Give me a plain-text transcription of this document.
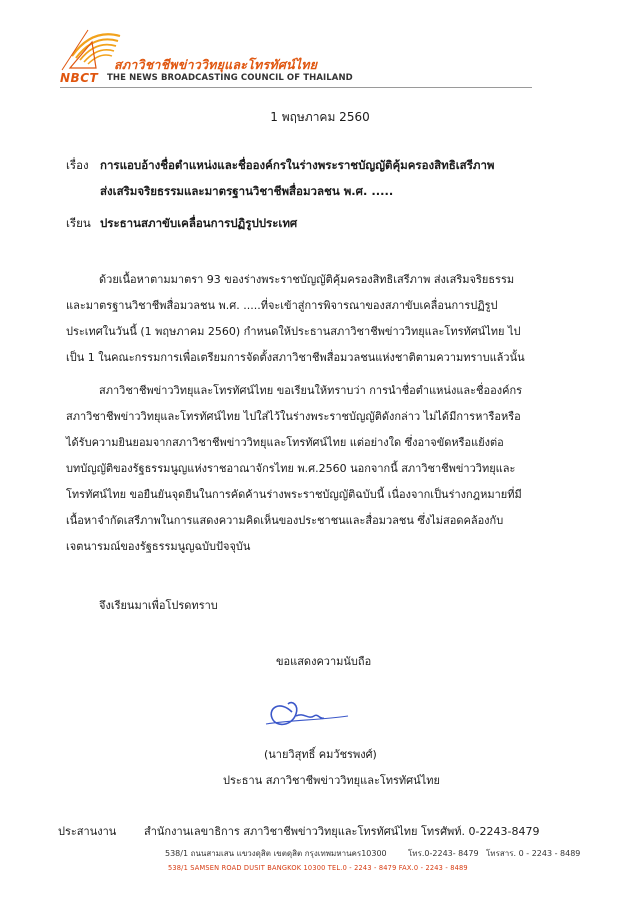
สภาวิชาชีพข่าววิทยุและโทรทัศน์ไทย
NBCT THE NEWS BROADCASTING COUNCIL OF THAILAND
1 พฤษภาคม 2560
เรื่อง การแอบอ้างชื่อตำแหน่งและชื่อองค์กรในร่างพระราชบัญญัติคุ้มครองสิทธิเสรีภาพ
ส่งเสริมจริยธรรมและมาตรฐานวิชาชีพสื่อมวลชน พ.ศ. .....
เรียน ประธานสภาขับเคลื่อนการปฏิรูปประเทศ
ด้วยเนื้อหาตามมาตรา 93 ของร่างพระราชบัญญัติคุ้มครองสิทธิเสรีภาพ ส่งเสริมจริยธรรม
และมาตรฐานวิชาชีพสื่อมวลชน พ.ศ. .....ที่จะเข้าสู่การพิจารณาของสภาขับเคลื่อนการปฏิรูป
ประเทศในวันนี้ (1 พฤษภาคม 2560) กำหนดให้ประธานสภาวิชาชีพข่าววิทยุและโทรทัศน์ไทย ไป
เป็น 1 ในคณะกรรมการเพื่อเตรียมการจัดตั้งสภาวิชาชีพสื่อมวลชนแห่งชาติตามความทราบแล้วนั้น
สภาวิชาชีพข่าววิทยุและโทรทัศน์ไทย ขอเรียนให้ทราบว่า การนำชื่อตำแหน่งและชื่อองค์กร
สภาวิชาชีพข่าววิทยุและโทรทัศน์ไทย ไปใส่ไว้ในร่างพระราชบัญญัติดังกล่าว ไม่ได้มีการหารือหรือ
ได้รับความยินยอมจากสภาวิชาชีพข่าววิทยุและโทรทัศน์ไทย แต่อย่างใด ซึ่งอาจขัดหรือแย้งต่อ
บทบัญญัติของรัฐธรรมนูญแห่งราชอาณาจักรไทย พ.ศ.2560 นอกจากนี้ สภาวิชาชีพข่าววิทยุและ
โทรทัศน์ไทย ขอยืนยันจุดยืนในการคัดค้านร่างพระราชบัญญัติฉบับนี้ เนื่องจากเป็นร่างกฎหมายที่มี
เนื้อหาจำกัดเสรีภาพในการแสดงความคิดเห็นของประชาชนและสื่อมวลชน ซึ่งไม่สอดคล้องกับ
เจตนารมณ์ของรัฐธรรมนูญฉบับปัจจุบัน
จึงเรียนมาเพื่อโปรดทราบ
ขอแสดงความนับถือ
(นายวิสุทธิ์ คมวัชรพงศ์)
ประธาน สภาวิชาชีพข่าววิทยุและโทรทัศน์ไทย
ประสานงาน	สำนักงานเลขาธิการ สภาวิชาชีพข่าววิทยุและโทรทัศน์ไทย โทรศัพท์. 0-2243-8479
538/1 ถนนสามเสน แขวงดุสิต เขตดุสิต กรุงเทพมหานคร10300	โทร.0-2243- 8479 โทรสาร. 0 - 2243 - 8489
538/1 SAMSEN ROAD DUSIT BANGKOK 10300 TEL.0 - 2243 - 8479 FAX.0 - 2243 - 8489
